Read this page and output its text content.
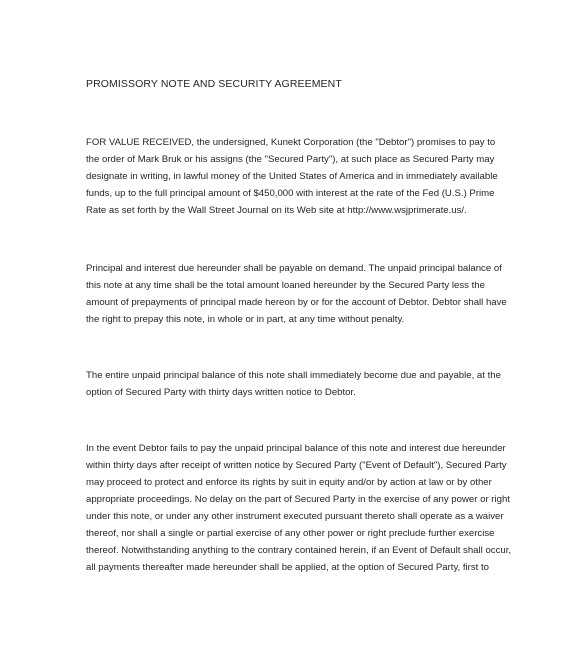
PROMISSORY NOTE AND SECURITY AGREEMENT
FOR VALUE RECEIVED, the undersigned, Kunekt Corporation (the "Debtor") promises to pay to
the order of Mark Bruk or his assigns (the "Secured Party"), at such place as Secured Party may
designate in writing, in lawful money of the United States of America and in immediately available
funds, up to the full principal amount of $450,000 with interest at the rate of the Fed (U.S.) Prime
Rate as set forth by the Wall Street Journal on its Web site at http://www.wsjprimerate.us/.
Principal and interest due hereunder shall be payable on demand. The unpaid principal balance of
this note at any time shall be the total amount loaned hereunder by the Secured Party less the
amount of prepayments of principal made hereon by or for the account of Debtor. Debtor shall have
the right to prepay this note, in whole or in part, at any time without penalty.
The entire unpaid principal balance of this note shall immediately become due and payable, at the
option of Secured Party with thirty days written notice to Debtor.
In the event Debtor fails to pay the unpaid principal balance of this note and interest due hereunder
within thirty days after receipt of written notice by Secured Party ("Event of Default"), Secured Party
may proceed to protect and enforce its rights by suit in equity and/or by action at law or by other
appropriate proceedings. No delay on the part of Secured Party in the exercise of any power or right
under this note, or under any other instrument executed pursuant thereto shall operate as a waiver
thereof, nor shall a single or partial exercise of any other power or right preclude further exercise
thereof. Notwithstanding anything to the contrary contained herein, if an Event of Default shall occur,
all payments thereafter made hereunder shall be applied, at the option of Secured Party, first to
